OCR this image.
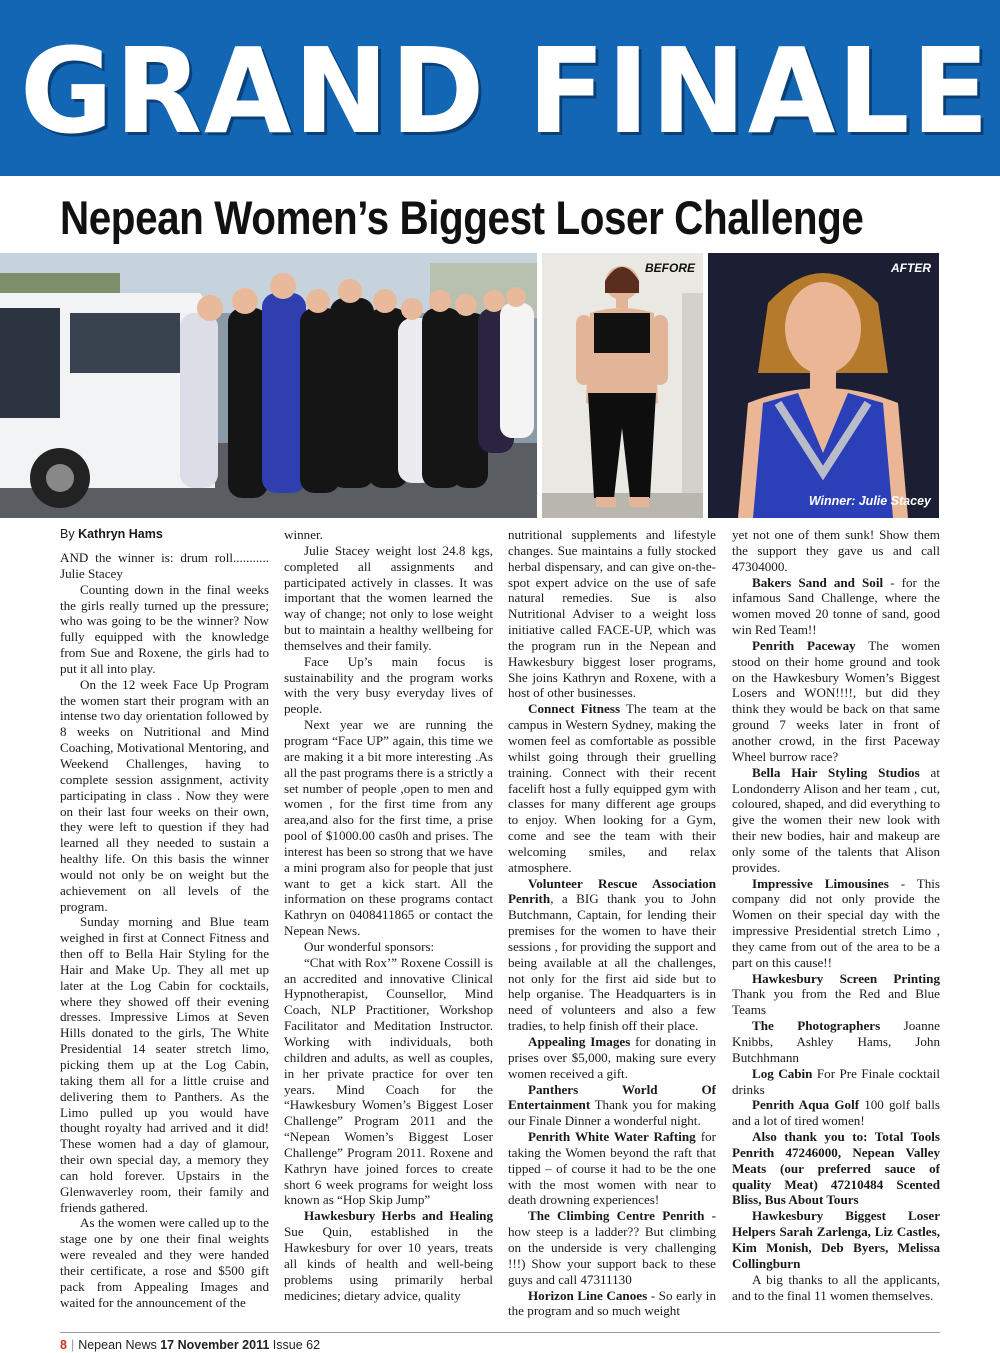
GRAND FINALE
Nepean Women’s Biggest Loser Challenge
BEFORE	AFTER
Winner: Julie Stacey

By Kathryn Hams

AND the winner is: drum roll........... Julie Stacey

Counting down in the final weeks the girls really turned up the pressure; who was going to be the winner? Now fully equipped with the knowledge from Sue and Roxene, the girls had to put it all into play.

On the 12 week Face Up Program the women start their program with an intense two day orientation followed by 8 weeks on Nutritional and Mind Coaching, Motivational Mentoring, and Weekend Challenges, having to complete session assignment, activity participating in class . Now they were on their last four weeks on their own, they were left to question if they had learned all they needed to sustain a healthy life. On this basis the winner would not only be on weight but the achievement on all levels of the program.

Sunday morning and Blue team weighed in first at Connect Fitness and then off to Bella Hair Styling for the Hair and Make Up. They all met up later at the Log Cabin for cocktails, where they showed off their evening dresses. Impressive Limos at Seven Hills donated to the girls, The White Presidential 14 seater stretch limo, picking them up at the Log Cabin, taking them all for a little cruise and delivering them to Panthers. As the Limo pulled up you would have thought royalty had arrived and it did! These women had a day of glamour, their own special day, a memory they can hold forever. Upstairs in the Glenwaverley room, their family and friends gathered.

As the women were called up to the stage one by one their final weights were revealed and they were handed their certificate, a rose and $500 gift pack from Appealing Images and waited for the announcement of the

winner.

Julie Stacey weight lost 24.8 kgs, completed all assignments and participated actively in classes. It was important that the women learned the way of change; not only to lose weight but to maintain a healthy wellbeing for themselves and their family.

Face Up’s main focus is sustainability and the program works with the very busy everyday lives of people.

Next year we are running the program “Face UP” again, this time we are making it a bit more interesting .As all the past programs there is a strictly a set number of people ,open to men and women , for the first time from any area,and also for the first time, a prise pool of $1000.00 cas0h and prises. The interest has been so strong that we have a mini program also for people that just want to get a kick start. All the information on these programs contact Kathryn on 0408411865 or contact the Nepean News.

Our wonderful sponsors:

“Chat with Rox’” Roxene Cossill is an accredited and innovative Clinical Hypnotherapist, Counsellor, Mind Coach, NLP Practitioner, Workshop Facilitator and Meditation Instructor. Working with individuals, both children and adults, as well as couples, in her private practice for over ten years. Mind Coach for the “Hawkesbury Women’s Biggest Loser Challenge” Program 2011 and the “Nepean Women’s Biggest Loser Challenge” Program 2011. Roxene and Kathryn have joined forces to create short 6 week programs for weight loss known as “Hop Skip Jump”

Hawkesbury Herbs and Healing Sue Quin, established in the Hawkesbury for over 10 years, treats all kinds of health and well-being problems using primarily herbal medicines; dietary advice, quality

nutritional supplements and lifestyle changes. Sue maintains a fully stocked herbal dispensary, and can give on-the-spot expert advice on the use of safe natural remedies. Sue is also Nutritional Adviser to a weight loss initiative called FACE-UP, which was the program run in the Nepean and Hawkesbury biggest loser programs, She joins Kathryn and Roxene, with a host of other businesses.

Connect Fitness The team at the campus in Western Sydney, making the women feel as comfortable as possible whilst going through their gruelling training. Connect with their recent facelift host a fully equipped gym with classes for many different age groups to enjoy. When looking for a Gym, come and see the team with their welcoming smiles, and relax atmosphere.

Volunteer Rescue Association Penrith, a BIG thank you to John Butchmann, Captain, for lending their premises for the women to have their sessions , for providing the support and being available at all the challenges, not only for the first aid side but to help organise. The Headquarters is in need of volunteers and also a few tradies, to help finish off their place.

Appealing Images for donating in prises over $5,000, making sure every women received a gift.

Panthers World Of Entertainment Thank you for making our Finale Dinner a wonderful night.

Penrith White Water Rafting for taking the Women beyond the raft that tipped – of course it had to be the one with the most women with near to death drowning experiences!

The Climbing Centre Penrith - how steep is a ladder?? But climbing on the underside is very challenging !!!) Show your support back to these guys and call 47311130

Horizon Line Canoes - So early in the program and so much weight

yet not one of them sunk! Show them the support they gave us and call 47304000.

Bakers Sand and Soil - for the infamous Sand Challenge, where the women moved 20 tonne of sand, good win Red Team!!

Penrith Paceway The women stood on their home ground and took on the Hawkesbury Women’s Biggest Losers and WON!!!!, but did they think they would be back on that same ground 7 weeks later in front of another crowd, in the first Paceway Wheel burrow race?

Bella Hair Styling Studios at Londonderry Alison and her team , cut, coloured, shaped, and did everything to give the women their new look with their new bodies, hair and makeup are only some of the talents that Alison provides.

Impressive Limousines - This company did not only provide the Women on their special day with the impressive Presidential stretch Limo , they came from out of the area to be a part on this cause!!

Hawkesbury Screen Printing Thank you from the Red and Blue Teams

The Photographers Joanne Knibbs, Ashley Hams, John Butchhmann

Log Cabin For Pre Finale cocktail drinks

Penrith Aqua Golf 100 golf balls and a lot of tired women!

Also thank you to: Total Tools Penrith 47246000, Nepean Valley Meats (our preferred sauce of quality Meat) 47210484 Scented Bliss, Bus About Tours

Hawkesbury Biggest Loser Helpers Sarah Zarlenga, Liz Castles, Kim Monish, Deb Byers, Melissa Collingburn

A big thanks to all the applicants, and to the final 11 women themselves.

8 | Nepean News 17 November 2011 Issue 62
